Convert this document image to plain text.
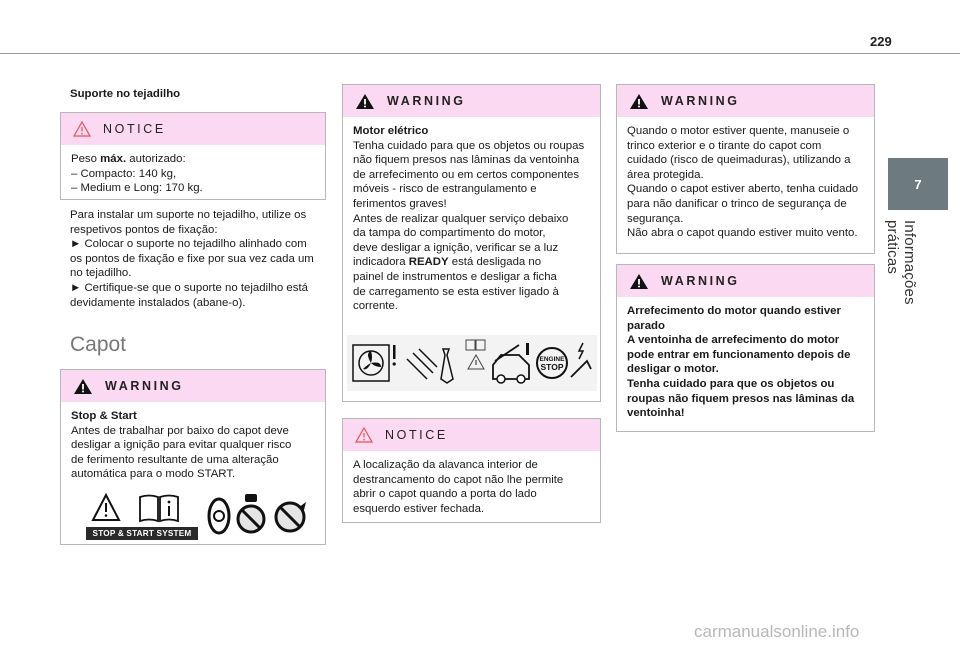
229
7
Informações práticas
Suporte no tejadilho
NOTICE

Peso máx. autorizado:

– Compacto: 140 kg,

– Medium e Long: 170 kg.

Para instalar um suporte no tejadilho, utilize os
respetivos pontos de fixação:
► Colocar o suporte no tejadilho alinhado com
os pontos de fixação e fixe por sua vez cada um
no tejadilho.
► Certifique-se que o suporte no tejadilho está
devidamente instalados (abane-o).
Capot
WARNING

Stop & Start

Antes de trabalhar por baixo do capot deve

desligar a ignição para evitar qualquer risco

de ferimento resultante de uma alteração

automática para o modo START.

STOP & START SYSTEM
WARNING

Motor elétrico

Tenha cuidado para que os objetos ou roupas

não fiquem presos nas lâminas da ventoinha

de arrefecimento ou em certos componentes

móveis - risco de estrangulamento e

ferimentos graves!

Antes de realizar qualquer serviço debaixo

da tampa do compartimento do motor,

deve desligar a ignição, verificar se a luz

indicadora READY está desligada no

painel de instrumentos e desligar a ficha

de carregamento se esta estiver ligado à

corrente.

ENGINE
STOP
NOTICE

A localização da alavanca interior de

destrancamento do capot não lhe permite

abrir o capot quando a porta do lado

esquerdo estiver fechada.

WARNING

Quando o motor estiver quente, manuseie o

trinco exterior e o tirante do capot com

cuidado (risco de queimaduras), utilizando a

área protegida.

Quando o capot estiver aberto, tenha cuidado

para não danificar o trinco de segurança de

segurança.

Não abra o capot quando estiver muito vento.

WARNING

Arrefecimento do motor quando estiver

parado

A ventoinha de arrefecimento do motor

pode entrar em funcionamento depois de

desligar o motor.

Tenha cuidado para que os objetos ou

roupas não fiquem presos nas lâminas da

ventoinha!

carmanualsonline.info
